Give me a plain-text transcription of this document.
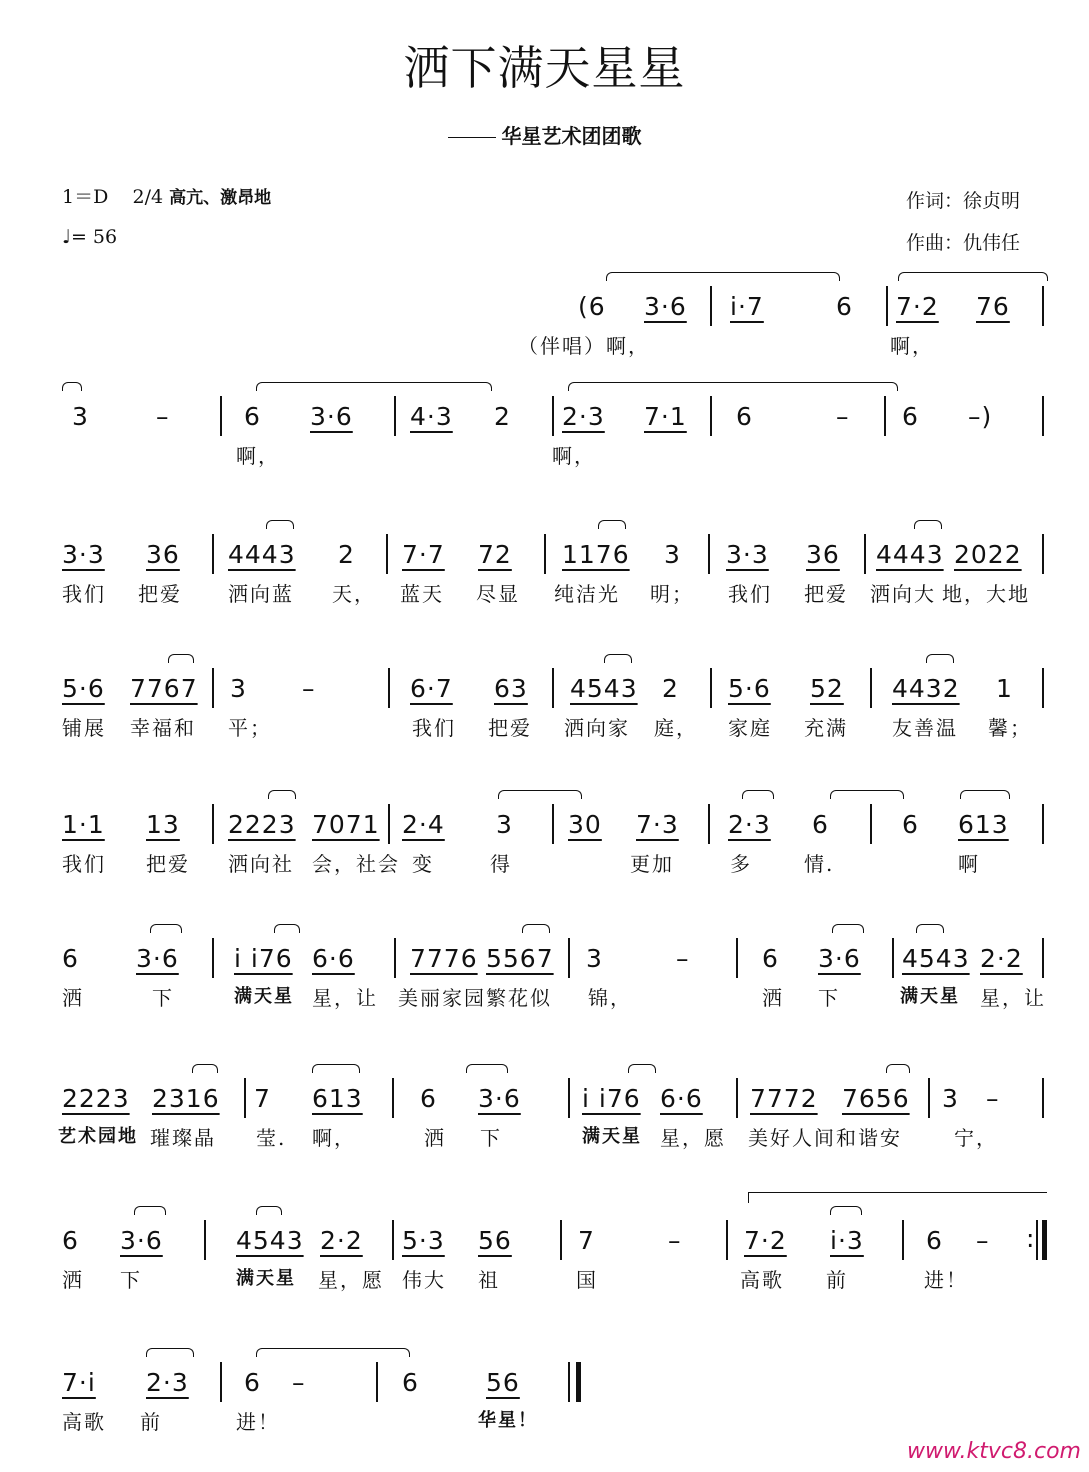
洒下满天星星
华星艺术团团歌
1＝D 2/4 高亢、激昂地
♩= 56
作词：徐贞明
作曲：仇伟任
(6 3·6 i·7	6 7·2 76
（伴唱）啊，	啊，
3	–	6 3·6 4·3 2 2·3 7·1 6	– 6 –)
啊，	啊，
3·3 36 4443 2 7·7 72 1176 3 3·3 36 4443 2022
我们 把爱 洒向蓝 天， 蓝天 尽显 纯洁光 明； 我们 把爱 洒向大 地，大地
5·6 7767 3 –	6·7 63 4543 2 5·6 52 4432 1
铺展 幸福和 平；	我们 把爱 洒向家 庭， 家庭 充满 友善温 馨；
1·1 13 2223 7071 2·4 3 30 7·3 2·3 6	6 613
我们 把爱 洒向社 会，社会 变	得	更加	多	情.	啊
6 3·6 i i76 6·6 7776 5567 3	–	6 3·6 4543 2·2
洒	下	满天星 星，让 美丽家园繁花似 锦，	洒 下	满天星 星，让
2223 2316 7 613 6 3·6 i i76 6·6 7772 7656 3 –
艺术园地 璀璨晶 莹. 啊，	洒 下	满天星 星，愿 美好人间和谐安	宁，
6 3·6	4543 2·2 5·3 56	7	–	7·2 i·3 6 – :
洒 下	满天星 星，愿 伟大 祖	国	高歌 前	进！
7·i 2·3 6 –	6	56
高歌 前	进！	华星！
www.ktvc8.com
